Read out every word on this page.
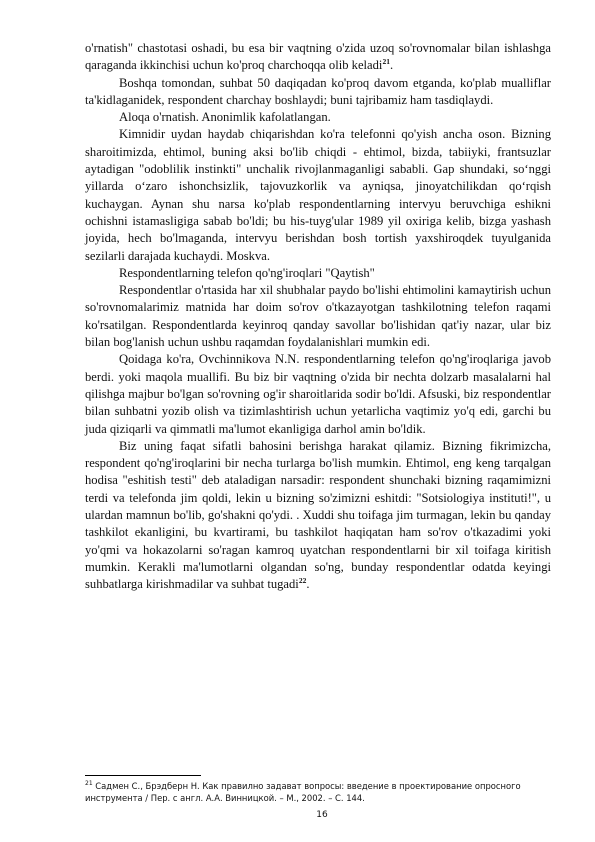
o'rnatish" chastotasi oshadi, bu esa bir vaqtning o'zida uzoq so'rovnomalar bilan ishlashga qaraganda ikkinchisi uchun ko'proq charchoqqa olib keladi$^{21}$.

Boshqa tomondan, suhbat 50 daqiqadan ko'proq davom etganda, ko'plab mualliflar ta'kidlaganidek, respondent charchay boshlaydi; buni tajribamiz ham tasdiqlaydi.

Aloqa o'rnatish. Anonimlik kafolatlangan.

Kimnidir uydan haydab chiqarishdan ko'ra telefonni qo'yish ancha oson. Bizning sharoitimizda, ehtimol, buning aksi bo'lib chiqdi - ehtimol, bizda, tabiiyki, frantsuzlar aytadigan "odoblilik instinkti" unchalik rivojlanmaganligi sababli. Gap shundaki, so‘nggi yillarda o‘zaro ishonchsizlik, tajovuzkorlik va ayniqsa, jinoyatchilikdan qo‘rqish kuchaygan. Aynan shu narsa ko'plab respondentlarning intervyu beruvchiga eshikni ochishni istamasligiga sabab bo'ldi; bu his-tuyg'ular 1989 yil oxiriga kelib, bizga yashash joyida, hech bo'lmaganda, intervyu berishdan bosh tortish yaxshiroqdek tuyulganida sezilarli darajada kuchaydi. Moskva.

Respondentlarning telefon qo'ng'iroqlari "Qaytish"

Respondentlar o'rtasida har xil shubhalar paydo bo'lishi ehtimolini kamaytirish uchun so'rovnomalarimiz matnida har doim so'rov o'tkazayotgan tashkilotning telefon raqami ko'rsatilgan. Respondentlarda keyinroq qanday savollar bo'lishidan qat'iy nazar, ular biz bilan bog'lanish uchun ushbu raqamdan foydalanishlari mumkin edi.

Qoidaga ko'ra, Ovchinnikova N.N. respondentlarning telefon qo'ng'iroqlariga javob berdi. yoki maqola muallifi. Bu biz bir vaqtning o'zida bir nechta dolzarb masalalarni hal qilishga majbur bo'lgan so'rovning og'ir sharoitlarida sodir bo'ldi. Afsuski, biz respondentlar bilan suhbatni yozib olish va tizimlashtirish uchun yetarlicha vaqtimiz yo'q edi, garchi bu juda qiziqarli va qimmatli ma'lumot ekanligiga darhol amin bo'ldik.

Biz uning faqat sifatli bahosini berishga harakat qilamiz. Bizning fikrimizcha, respondent qo'ng'iroqlarini bir necha turlarga bo'lish mumkin. Ehtimol, eng keng tarqalgan hodisa "eshitish testi" deb ataladigan narsadir: respondent shunchaki bizning raqamimizni terdi va telefonda jim qoldi, lekin u bizning so'zimizni eshitdi: "Sotsiologiya instituti!", u ulardan mamnun bo'lib, go'shakni qo'ydi. . Xuddi shu toifaga jim turmagan, lekin bu qanday tashkilot ekanligini, bu kvartirami, bu tashkilot haqiqatan ham so'rov o'tkazadimi yoki yo'qmi va hokazolarni so'ragan kamroq uyatchan respondentlarni bir xil toifaga kiritish mumkin. Kerakli ma'lumotlarni olgandan so'ng, bunday respondentlar odatda keyingi suhbatlarga kirishmadilar va suhbat tugadi$^{22}$.

$^{21}$ Садмен С., Брэдберн Н. Как правилно задават вопросы: введение в проектирование опросного инструмента / Пер. с англ. А.А. Винницкой. – М., 2002. – С. 144.
16
